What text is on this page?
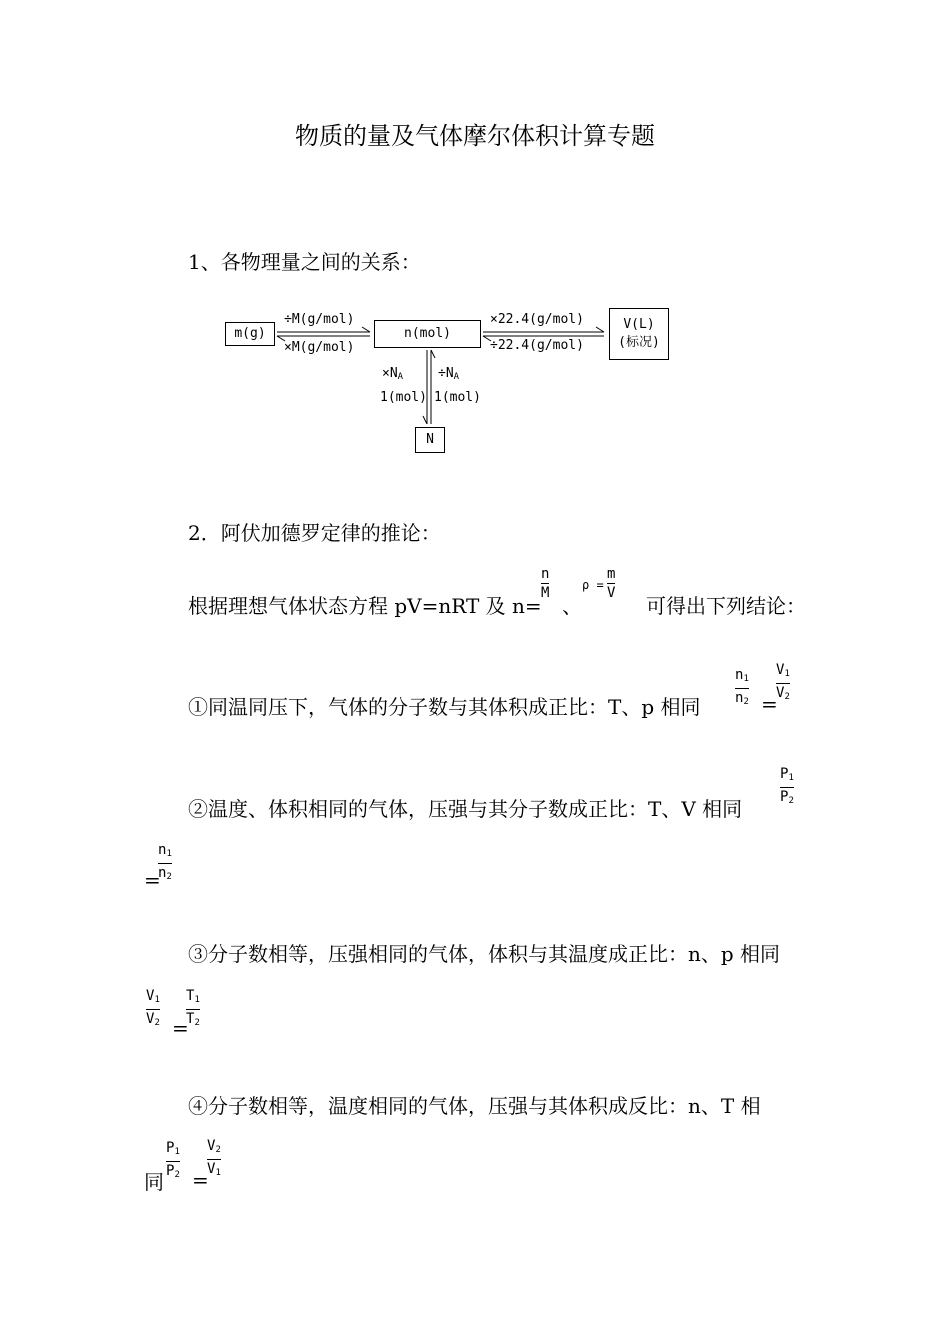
物质的量及气体摩尔体积计算专题
1、各物理量之间的关系：
m(g)	n(mol)
V(L)
(标况)
N
÷M(g/mol)
×M(g/mol)
×22.4(g/mol)
÷22.4(g/mol)
$\times N_A$
1(mol)
$\div N_A$
1(mol)
2．阿伏加德罗定律的推论：
根据理想气体状态方程 pV=nRT 及 n=
n
M
、
ρ =
m
V
可得出下列结论：
①同温同压下，气体的分子数与其体积成正比：T、p 相同
$n_1$
$n_2$ =
$V_1$
$V_2$
②温度、体积相同的气体，压强与其分子数成正比：T、V 相同
$P_1$
$P_2$
=
$n_1$
$n_2$
③分子数相等，压强相同的气体，体积与其温度成正比：n、p 相同
$V_1$
$V_2$ =
$T_1$
$T_2$
④分子数相等，温度相同的气体，压强与其体积成反比：n、T 相
同
$P_1$
$P_2$ =
$V_2$
$V_1$
